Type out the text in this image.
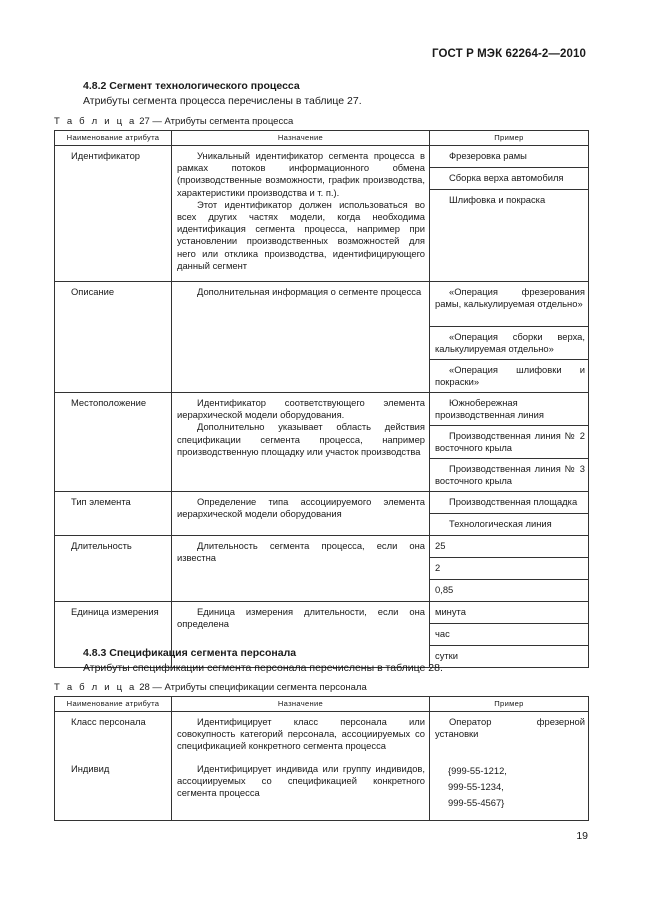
ГОСТ Р МЭК 62264-2—2010
4.8.2 Сегмент технологического процесса
Атрибуты сегмента процесса перечислены в таблице 27.
Т а б л и ц а 27 — Атрибуты сегмента процесса
Наименование атрибута	Назначение	Пример
Идентификатор	Уникальный идентификатор сегмента процесса в рамках потоков информационного обмена (производственные возможности, график производства, характеристики производства и т. п.).
Этот идентификатор должен использоваться во всех других частях модели, когда необходима идентификация сегмента процесса, например при установлении производственных возможностей для него или отклика производства, идентифицирующего данный сегмент	Фрезеровка рамы
		Сборка верха автомобиля
		Шлифовка и покраска
Описание	Дополнительная информация о сегменте процесса	«Операция фрезерования рамы, калькулируемая отдельно»
		«Операция сборки верха, калькулируемая отдельно»
		«Операция шлифовки и покраски»
Местоположение	Идентификатор соответствующего элемента иерархической модели оборудования.
Дополнительно указывает область действия спецификации сегмента процесса, например производственную площадку или участок производства	Южнобережная производственная линия
		Производственная линия № 2 восточного крыла
		Производственная линия № 3 восточного крыла
Тип элемента	Определение типа ассоциируемого элемента иерархической модели оборудования	Производственная площадка
		Технологическая линия
Длительность	Длительность сегмента процесса, если она известна	25
		2
		0,85
Единица измерения	Единица измерения длительности, если она определена	минута
		час
		сутки
4.8.3 Спецификация сегмента персонала
Атрибуты спецификации сегмента персонала перечислены в таблице 28.
Т а б л и ц а 28 — Атрибуты спецификации сегмента персонала
Наименование атрибута	Назначение	Пример
Класс персонала	Идентифицирует класс персонала или совокупность категорий персонала, ассоциируемых со спецификацией конкретного сегмента процесса	Оператор фрезерной установки
Индивид	Идентифицирует индивида или группу индивидов, ассоциируемых со спецификацией конкретного сегмента процесса	{999-55-1212,
999-55-1234,
999-55-4567}
19
